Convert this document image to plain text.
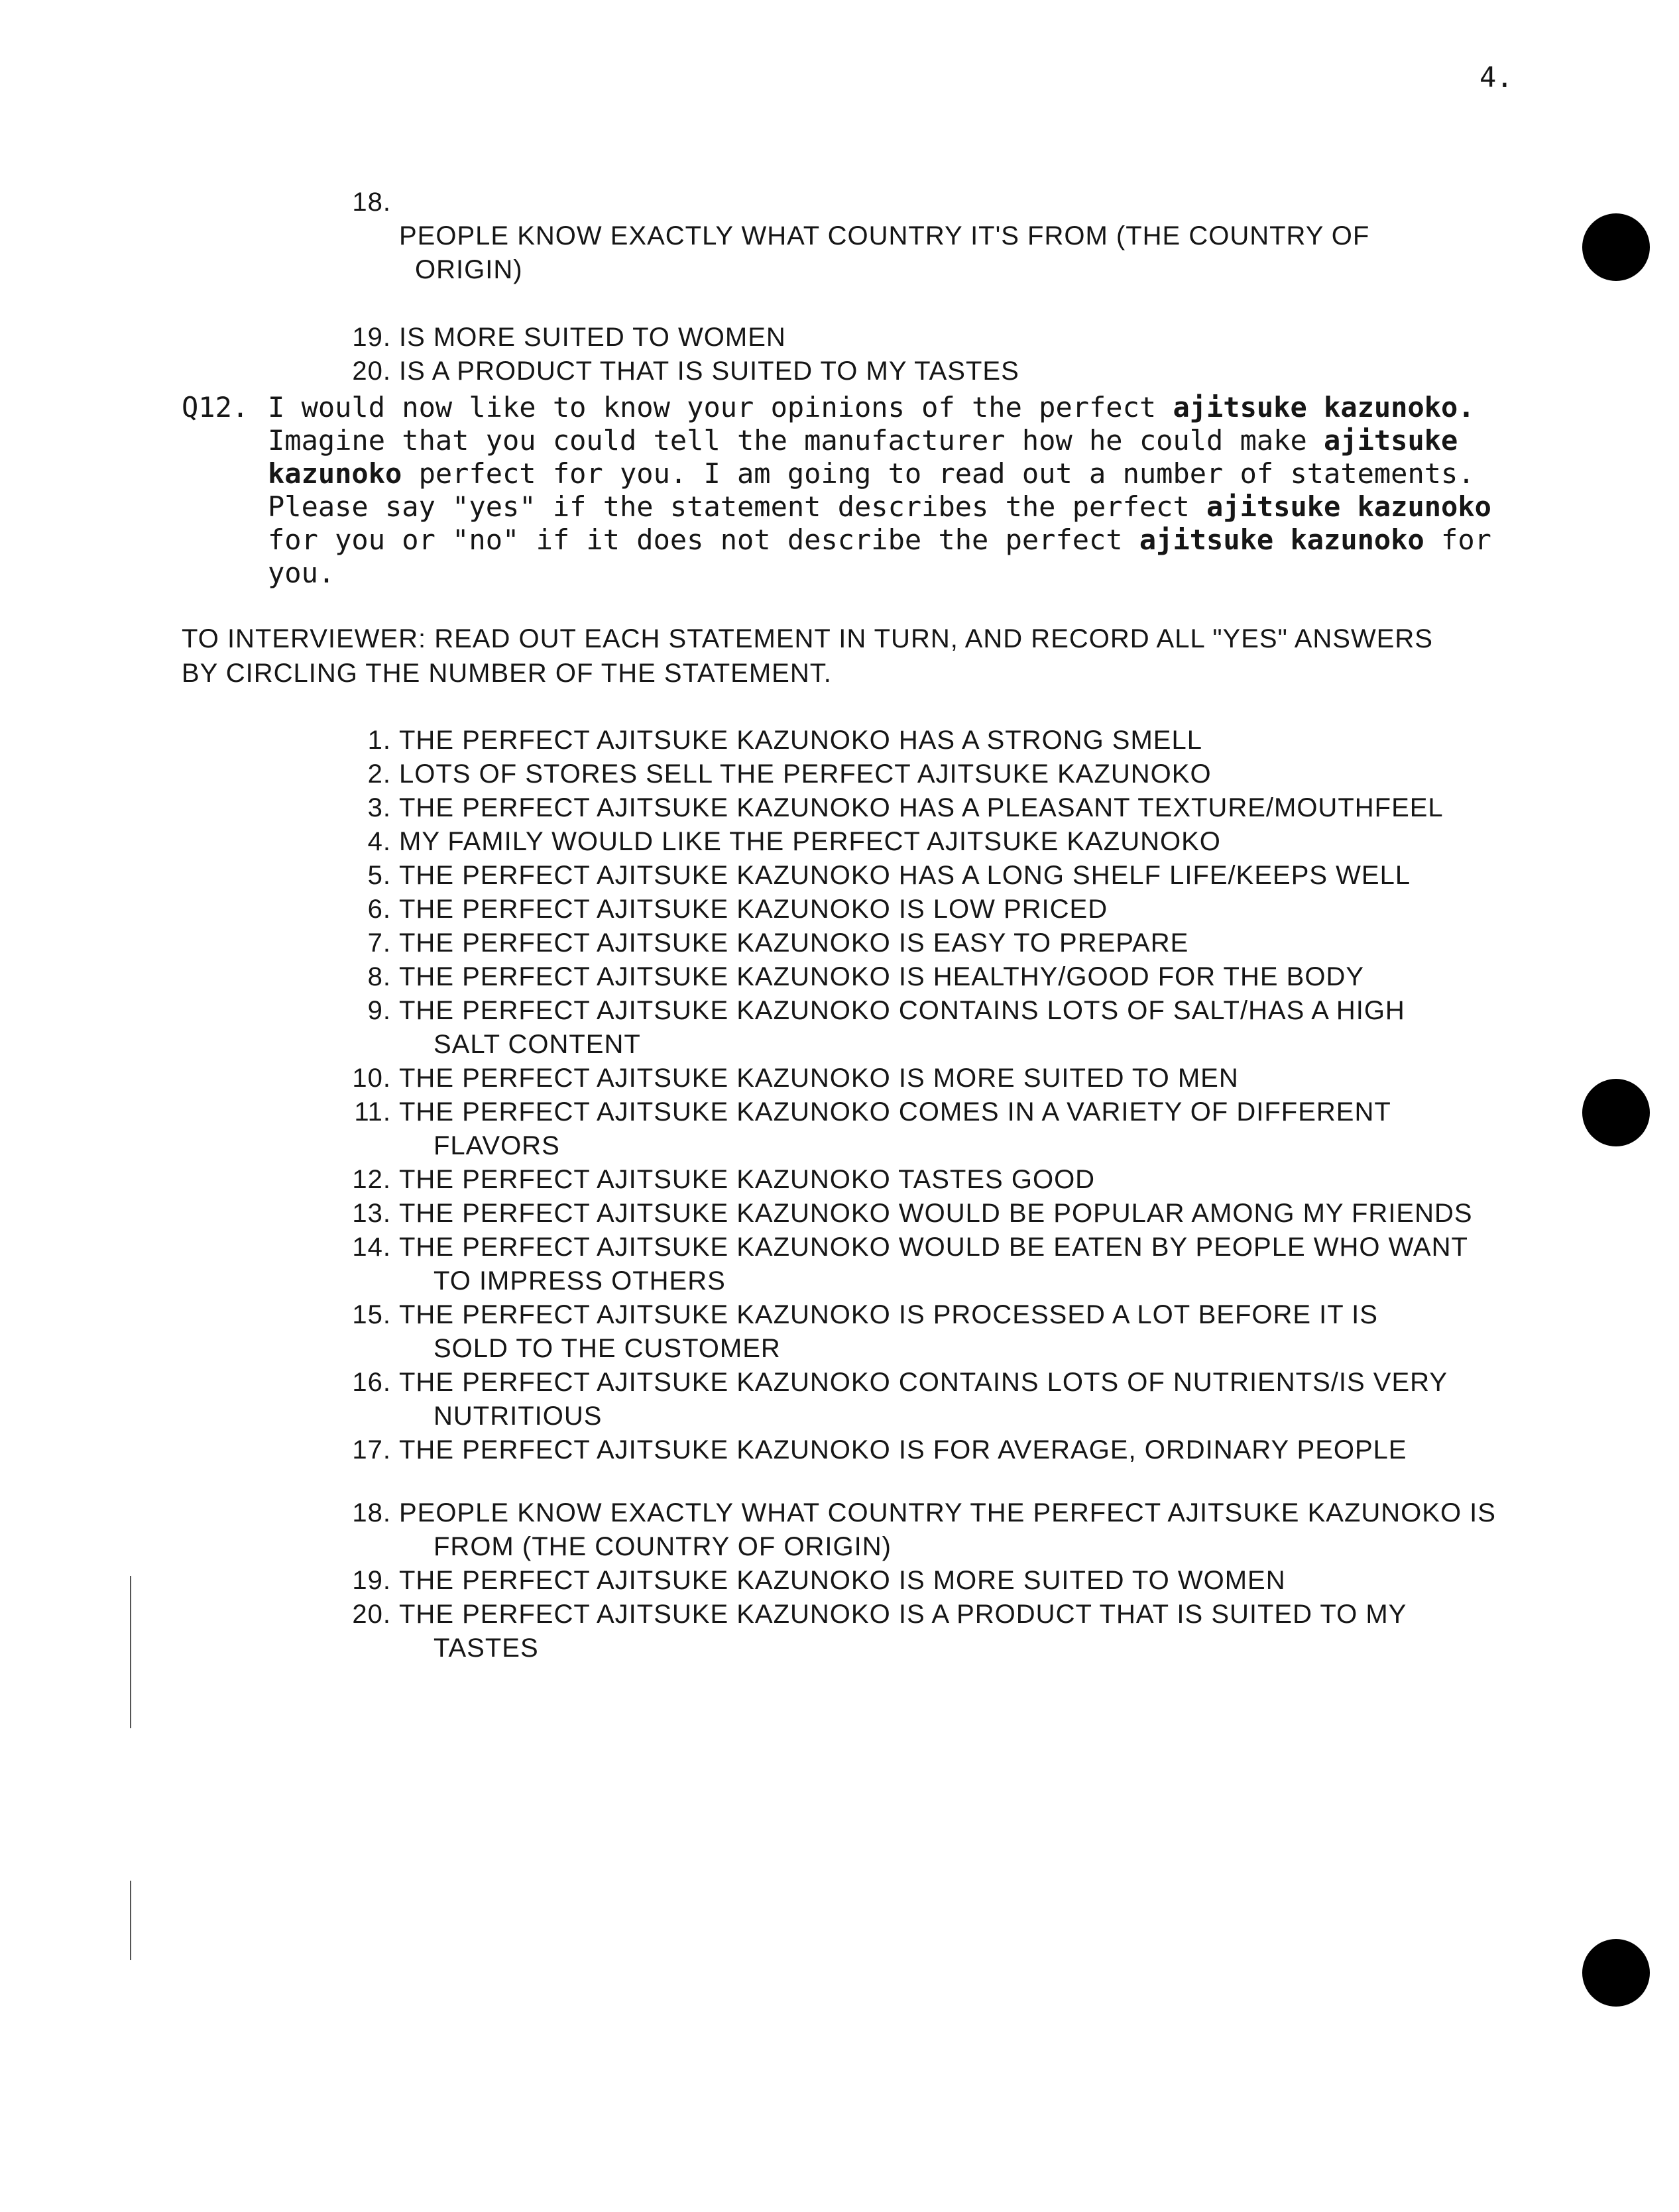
4.
18.

PEOPLE KNOW EXACTLY WHAT COUNTRY IT'S FROM (THE COUNTRY OF

ORIGIN)

19. IS MORE SUITED TO WOMEN
20. IS A PRODUCT THAT IS SUITED TO MY TASTES
Q12. I would now like to know your opinions of the perfect ajitsuke kazunoko.
Imagine that you could tell the manufacturer how he could make ajitsuke
kazunoko perfect for you. I am going to read out a number of statements.
Please say "yes" if the statement describes the perfect ajitsuke kazunoko
for you or "no" if it does not describe the perfect ajitsuke kazunoko for
you.
TO INTERVIEWER: READ OUT EACH STATEMENT IN TURN, AND RECORD ALL "YES" ANSWERS
BY CIRCLING THE NUMBER OF THE STATEMENT.
1. THE PERFECT AJITSUKE KAZUNOKO HAS A STRONG SMELL
2. LOTS OF STORES SELL THE PERFECT AJITSUKE KAZUNOKO
3. THE PERFECT AJITSUKE KAZUNOKO HAS A PLEASANT TEXTURE/MOUTHFEEL
4. MY FAMILY WOULD LIKE THE PERFECT AJITSUKE KAZUNOKO
5. THE PERFECT AJITSUKE KAZUNOKO HAS A LONG SHELF LIFE/KEEPS WELL
6. THE PERFECT AJITSUKE KAZUNOKO IS LOW PRICED
7. THE PERFECT AJITSUKE KAZUNOKO IS EASY TO PREPARE
8. THE PERFECT AJITSUKE KAZUNOKO IS HEALTHY/GOOD FOR THE BODY
9. THE PERFECT AJITSUKE KAZUNOKO CONTAINS LOTS OF SALT/HAS A HIGH
SALT CONTENT
10. THE PERFECT AJITSUKE KAZUNOKO IS MORE SUITED TO MEN
11. THE PERFECT AJITSUKE KAZUNOKO COMES IN A VARIETY OF DIFFERENT
FLAVORS
12. THE PERFECT AJITSUKE KAZUNOKO TASTES GOOD
13. THE PERFECT AJITSUKE KAZUNOKO WOULD BE POPULAR AMONG MY FRIENDS
14. THE PERFECT AJITSUKE KAZUNOKO WOULD BE EATEN BY PEOPLE WHO WANT
TO IMPRESS OTHERS
15. THE PERFECT AJITSUKE KAZUNOKO IS PROCESSED A LOT BEFORE IT IS
SOLD TO THE CUSTOMER
16. THE PERFECT AJITSUKE KAZUNOKO CONTAINS LOTS OF NUTRIENTS/IS VERY
NUTRITIOUS
17. THE PERFECT AJITSUKE KAZUNOKO IS FOR AVERAGE, ORDINARY PEOPLE
18. PEOPLE KNOW EXACTLY WHAT COUNTRY THE PERFECT AJITSUKE KAZUNOKO IS
FROM (THE COUNTRY OF ORIGIN)
19. THE PERFECT AJITSUKE KAZUNOKO IS MORE SUITED TO WOMEN
20. THE PERFECT AJITSUKE KAZUNOKO IS A PRODUCT THAT IS SUITED TO MY
TASTES
